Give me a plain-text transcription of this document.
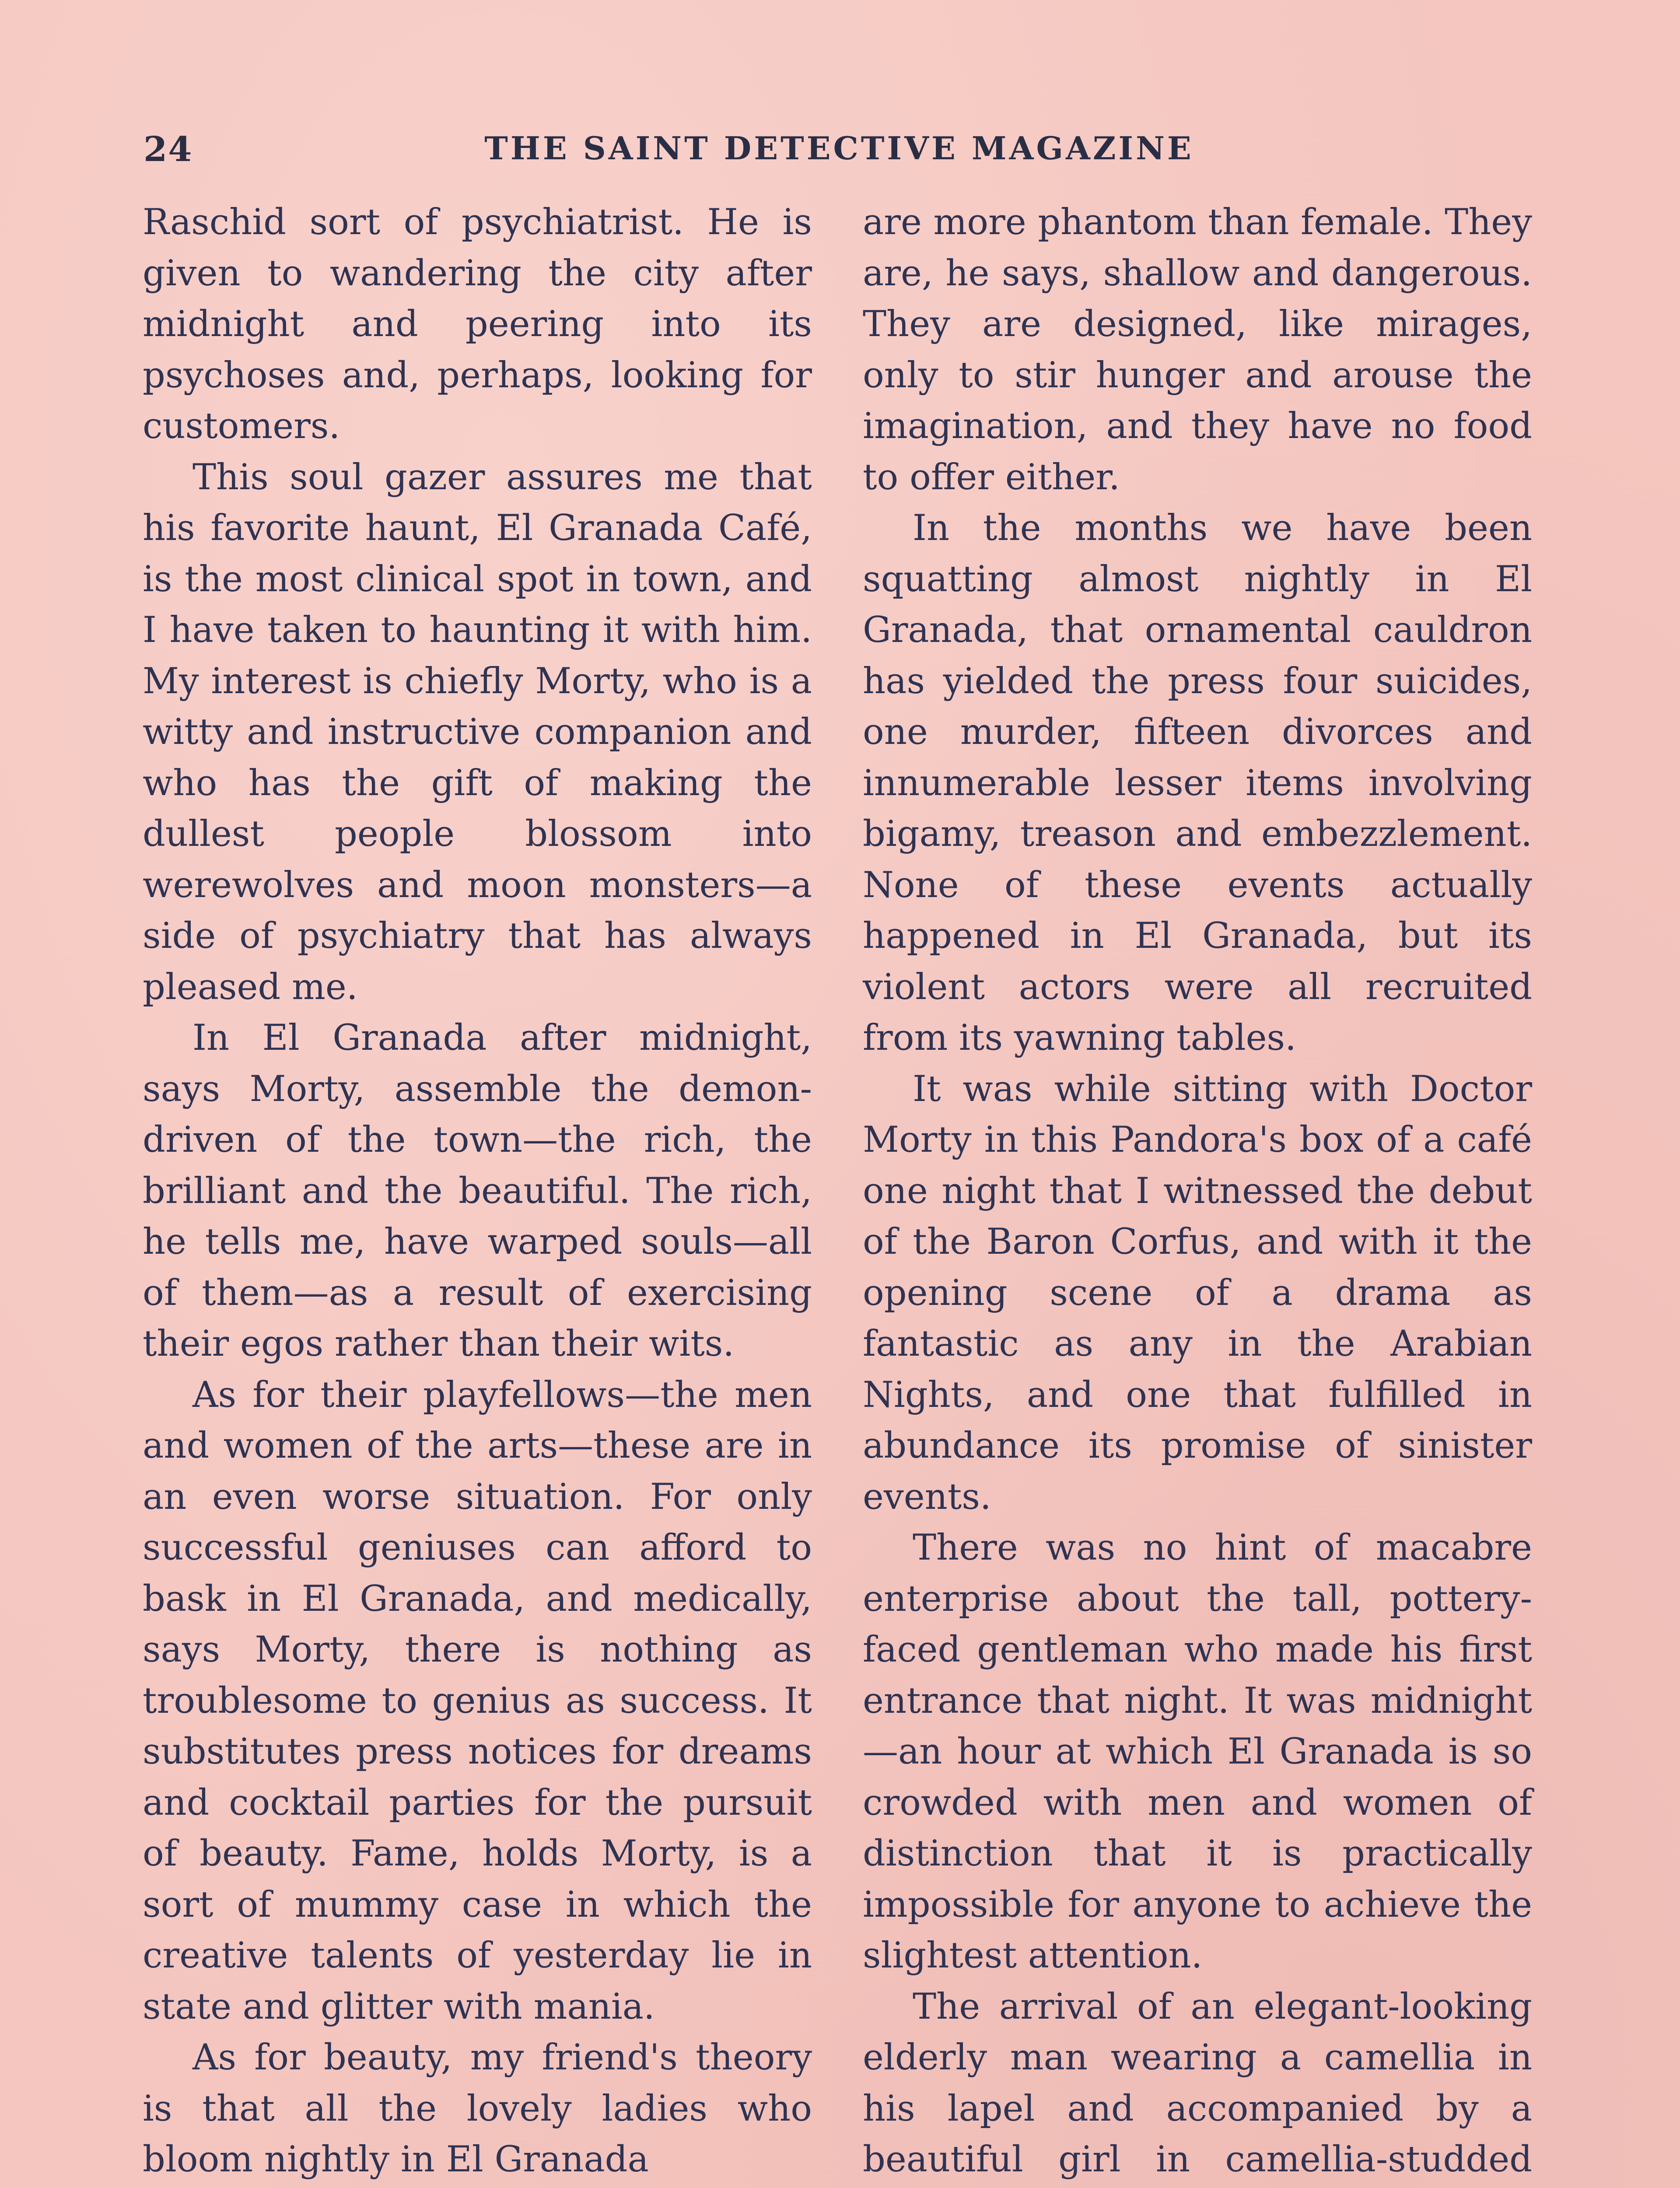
24	THE SAINT DETECTIVE MAGAZINE

Raschid sort of psychiatrist. He is given to wandering the city after midnight and peering into its psychoses and, perhaps, looking for customers.

This soul gazer assures me that his favorite haunt, El Granada Café, is the most clinical spot in town, and I have taken to haunting it with him. My interest is chiefly Morty, who is a witty and instructive companion and who has the gift of making the dullest people blossom into werewolves and moon monsters—a side of psychiatry that has always pleased me.

In El Granada after midnight, says Morty, assemble the demon-driven of the town—the rich, the brilliant and the beautiful. The rich, he tells me, have warped souls—all of them—as a result of exercising their egos rather than their wits.

As for their playfellows—the men and women of the arts—these are in an even worse situation. For only successful geniuses can afford to bask in El Granada, and medically, says Morty, there is nothing as troublesome to genius as success. It substitutes press notices for dreams and cocktail parties for the pursuit of beauty. Fame, holds Morty, is a sort of mummy case in which the creative talents of yesterday lie in state and glitter with mania.

As for beauty, my friend's theory is that all the lovely ladies who bloom nightly in El Granada

are more phantom than female. They are, he says, shallow and dangerous. They are designed, like mirages, only to stir hunger and arouse the imagination, and they have no food to offer either.

In the months we have been squatting almost nightly in El Granada, that ornamental cauldron has yielded the press four suicides, one murder, fifteen divorces and innumerable lesser items involving bigamy, treason and embezzlement. None of these events actually happened in El Granada, but its violent actors were all recruited from its yawning tables.

It was while sitting with Doctor Morty in this Pandora's box of a café one night that I witnessed the debut of the Baron Corfus, and with it the opening scene of a drama as fantastic as any in the Arabian Nights, and one that fulfilled in abundance its promise of sinister events.

There was no hint of macabre enterprise about the tall, pottery-faced gentleman who made his first entrance that night. It was midnight—an hour at which El Granada is so crowded with men and women of distinction that it is practically impossible for anyone to achieve the slightest attention.

The arrival of an elegant-looking elderly man wearing a camellia in his lapel and accompanied by a beautiful girl in camellia-studded
